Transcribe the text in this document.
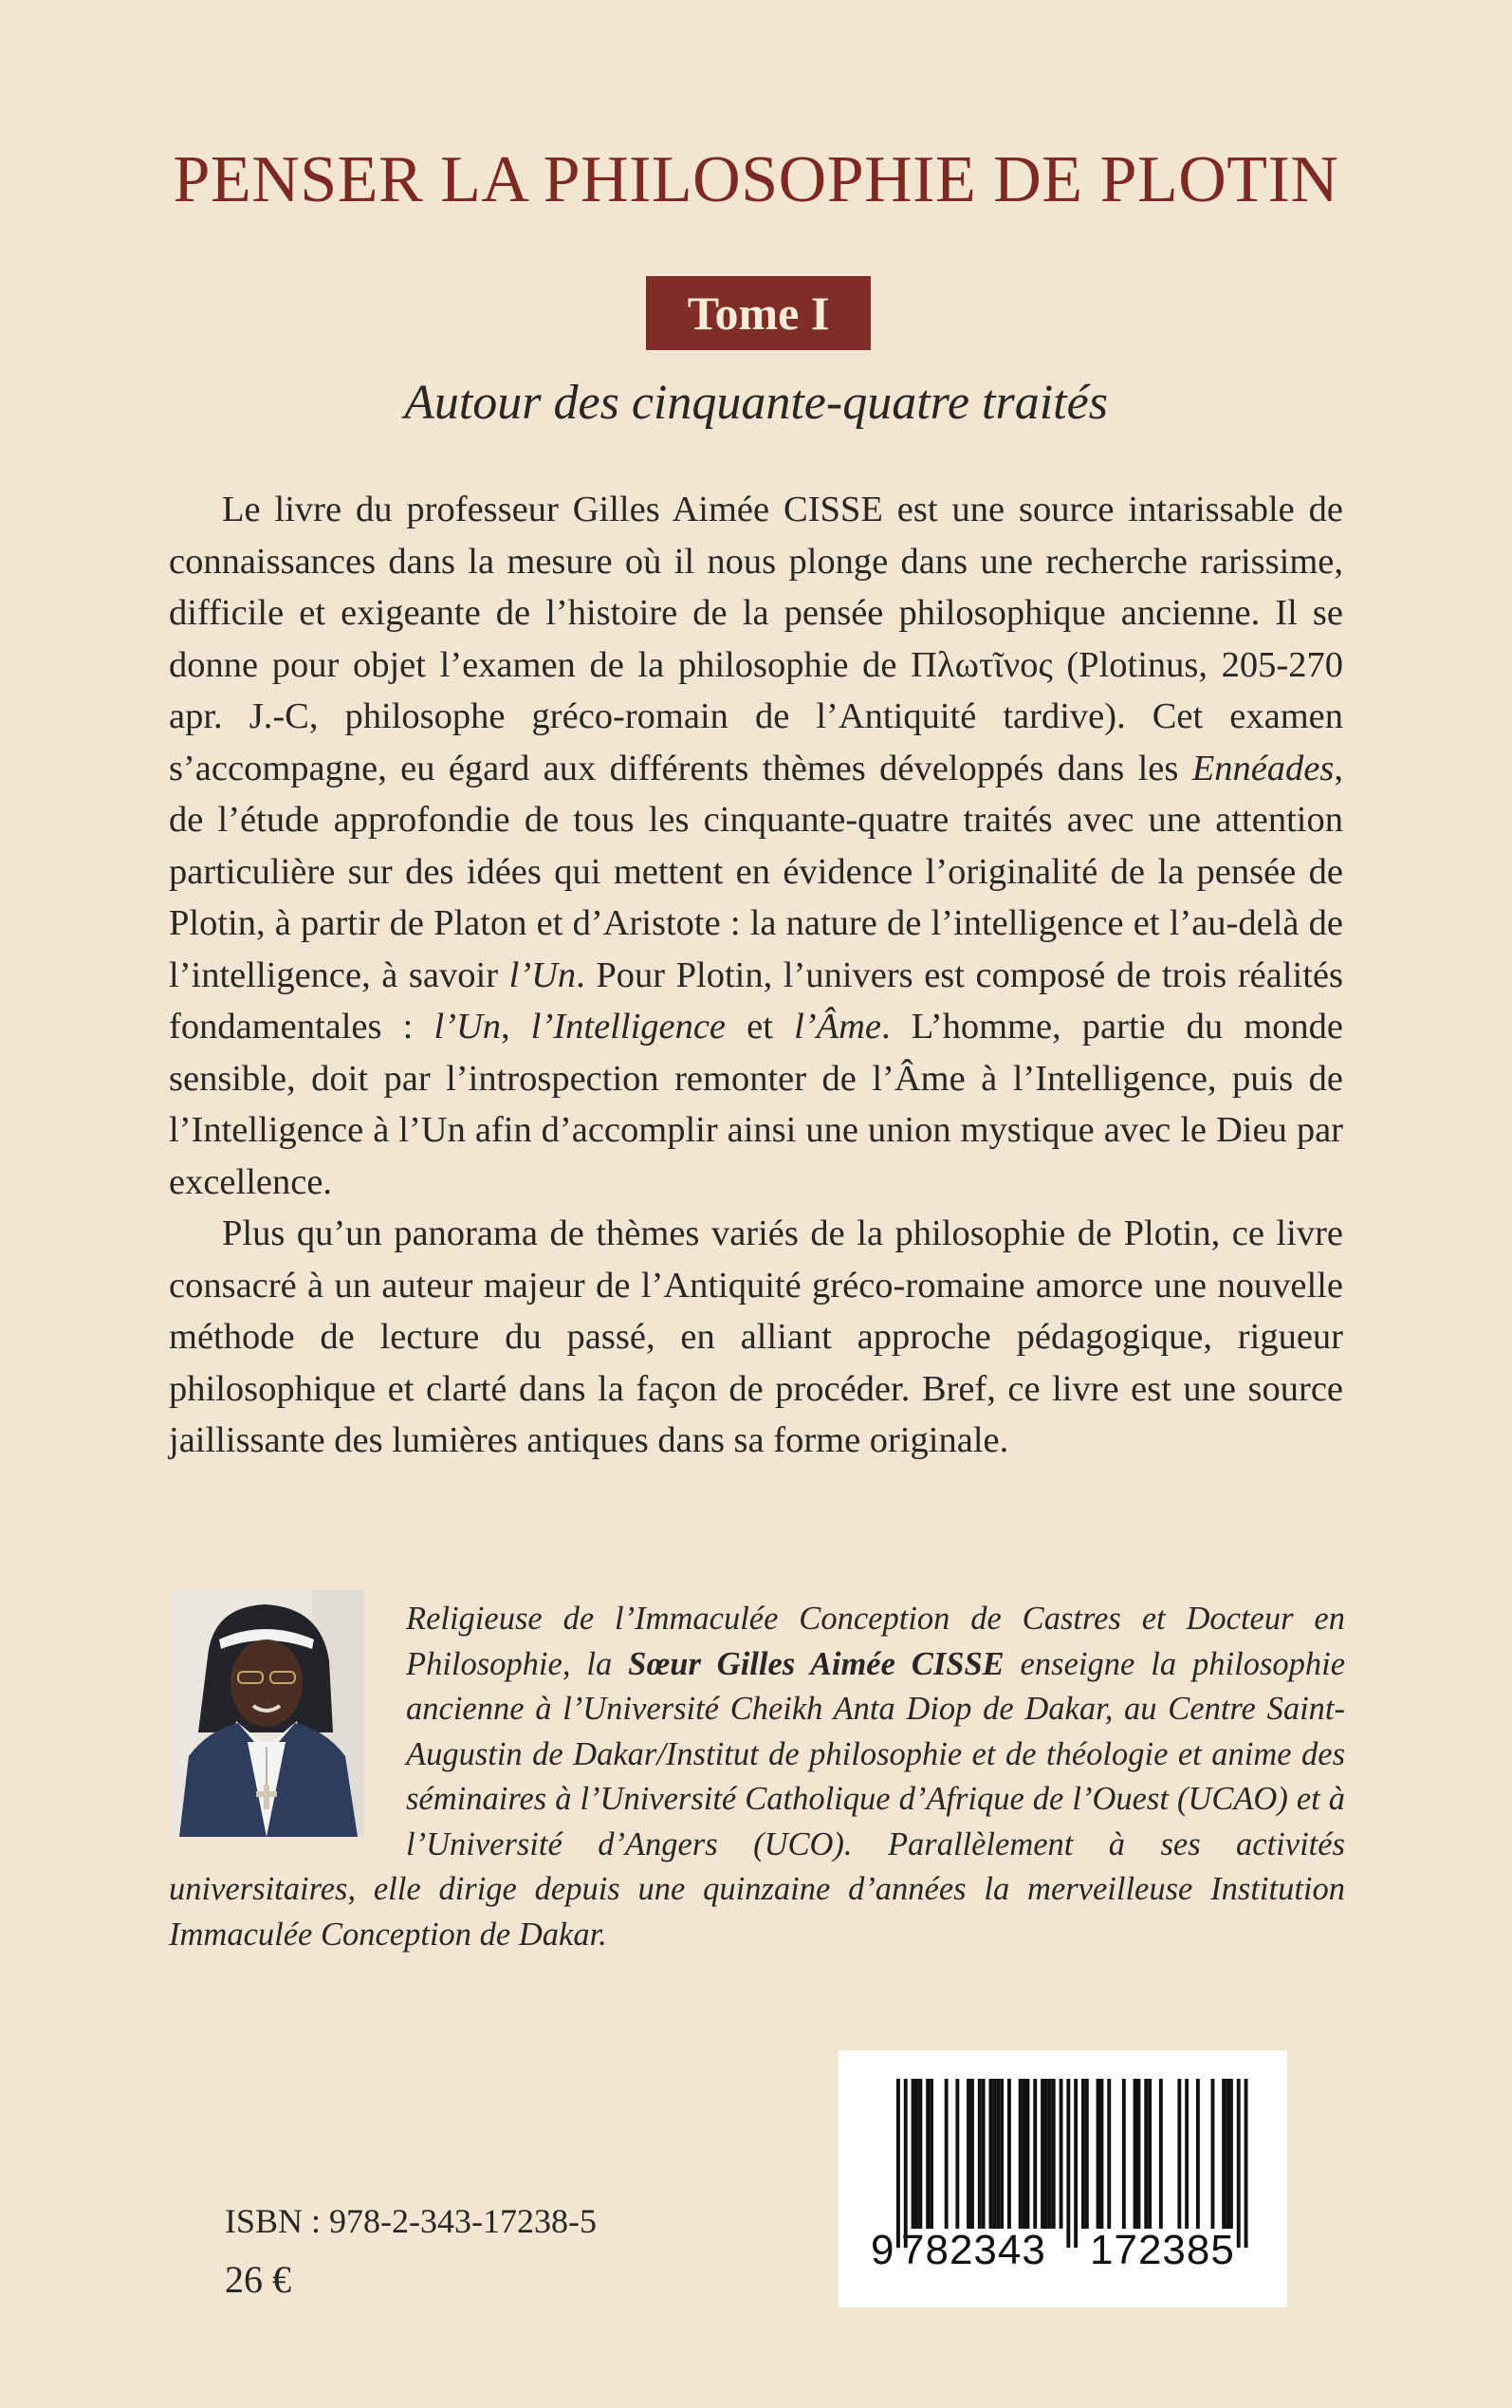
PENSER LA PHILOSOPHIE DE PLOTIN
Tome I
Autour des cinquante-quatre traités

Le livre du professeur Gilles Aimée CISSE est une source intarissable de connaissances dans la mesure où il nous plonge dans une recherche rarissime, difficile et exigeante de l’histoire de la pensée philosophique ancienne. Il se donne pour objet l’examen de la philosophie de Πλωτῖνος (Plotinus, 205-270 apr. J.-C, philosophe gréco-romain de l’Antiquité tardive). Cet examen s’accompagne, eu égard aux différents thèmes développés dans les Ennéades, de l’étude approfondie de tous les cinquante-quatre traités avec une attention particulière sur des idées qui mettent en évidence l’originalité de la pensée de Plotin, à partir de Platon et d’Aristote : la nature de l’intelligence et l’au-delà de l’intelligence, à savoir l’Un. Pour Plotin, l’univers est composé de trois réalités fondamentales : l’Un, l’Intelligence et l’Âme. L’homme, partie du monde sensible, doit par l’introspection remonter de l’Âme à l’Intelligence, puis de l’Intelligence à l’Un afin d’accomplir ainsi une union mystique avec le Dieu par excellence.

Plus qu’un panorama de thèmes variés de la philosophie de Plotin, ce livre consacré à un auteur majeur de l’Antiquité gréco-romaine amorce une nouvelle méthode de lecture du passé, en alliant approche pédagogique, rigueur philosophique et clarté dans la façon de procéder. Bref, ce livre est une source jaillissante des lumières antiques dans sa forme originale.

Religieuse de l’Immaculée Conception de Castres et Docteur en Philosophie, la Sœur Gilles Aimée CISSE enseigne la philosophie ancienne à l’Université Cheikh Anta Diop de Dakar, au Centre Saint-Augustin de Dakar/Institut de philosophie et de théologie et anime des séminaires à l’Université Catholique d’Afrique de l’Ouest (UCAO) et à l’Université d’Angers (UCO). Parallèlement à ses activités universitaires, elle dirige depuis une quinzaine d’années la merveilleuse Institution Immaculée Conception de Dakar.
ISBN : 978-2-343-17238-5
26 €
9 782343 172385
